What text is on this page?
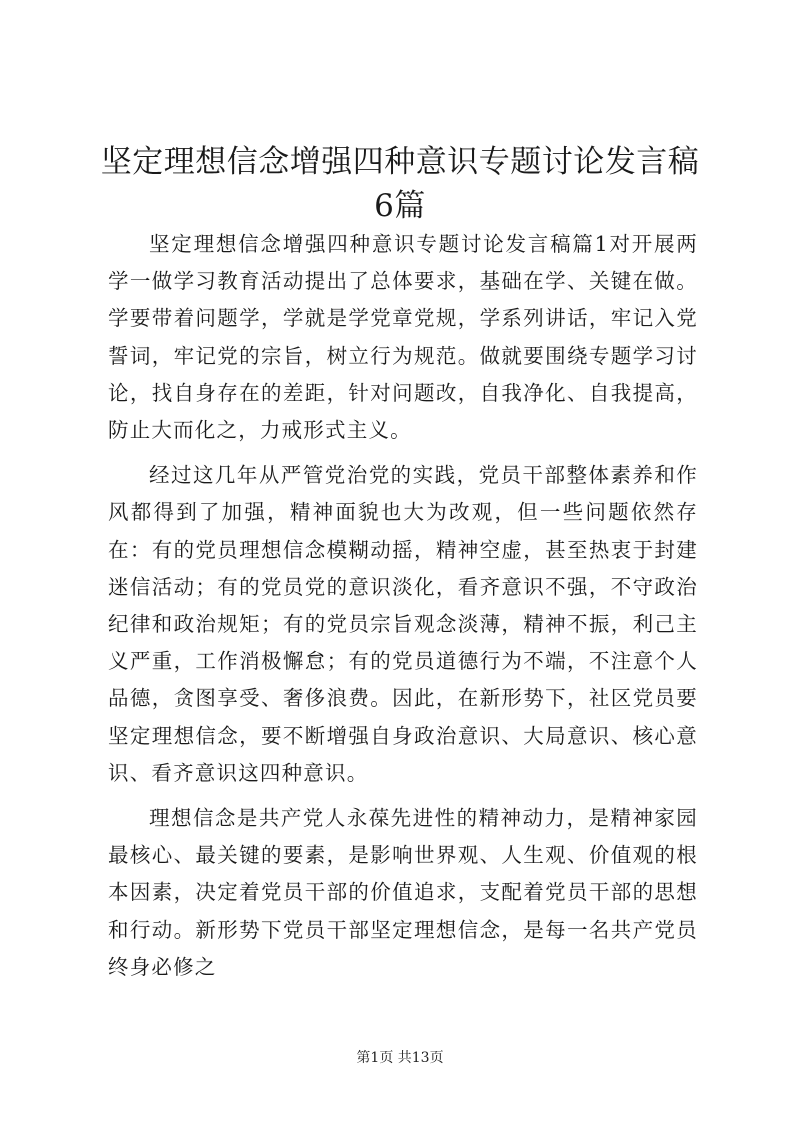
坚定理想信念增强四种意识专题讨论发言稿6篇

坚定理想信念增强四种意识专题讨论发言稿篇1对开展两学一做学习教育活动提出了总体要求，基础在学、关键在做。学要带着问题学，学就是学党章党规，学系列讲话，牢记入党誓词，牢记党的宗旨，树立行为规范。做就要围绕专题学习讨论，找自身存在的差距，针对问题改，自我净化、自我提高，防止大而化之，力戒形式主义。

经过这几年从严管党治党的实践，党员干部整体素养和作风都得到了加强，精神面貌也大为改观，但一些问题依然存在：有的党员理想信念模糊动摇，精神空虚，甚至热衷于封建迷信活动；有的党员党的意识淡化，看齐意识不强，不守政治纪律和政治规矩；有的党员宗旨观念淡薄，精神不振，利己主义严重，工作消极懈怠；有的党员道德行为不端，不注意个人品德，贪图享受、奢侈浪费。因此，在新形势下，社区党员要坚定理想信念，要不断增强自身政治意识、大局意识、核心意识、看齐意识这四种意识。

理想信念是共产党人永葆先进性的精神动力，是精神家园最核心、最关键的要素，是影响世界观、人生观、价值观的根本因素，决定着党员干部的价值追求，支配着党员干部的思想和行动。新形势下党员干部坚定理想信念，是每一名共产党员终身必修之

第1页 共13页
